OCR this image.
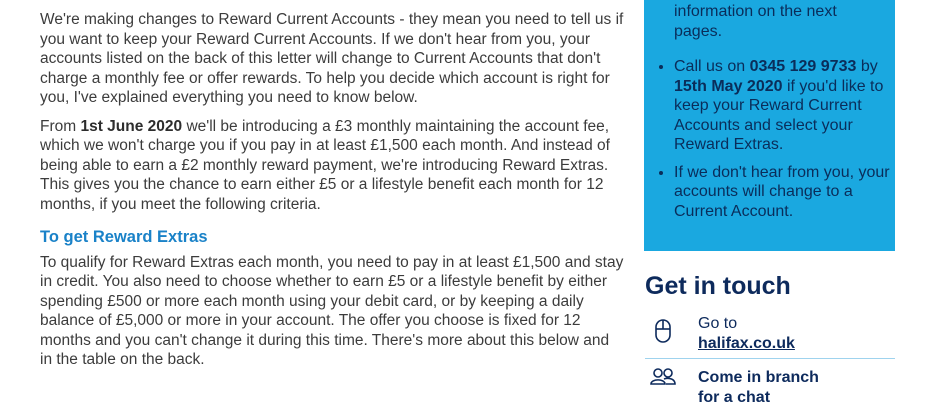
We're making changes to Reward Current Accounts - they mean you need to tell us if you want to keep your Reward Current Accounts. If we don't hear from you, your accounts listed on the back of this letter will change to Current Accounts that don't charge a monthly fee or offer rewards. To help you decide which account is right for you, I've explained everything you need to know below.

From 1st June 2020 we'll be introducing a £3 monthly maintaining the account fee, which we won't charge you if you pay in at least £1,500 each month. And instead of being able to earn a £2 monthly reward payment, we're introducing Reward Extras. This gives you the chance to earn either £5 or a lifestyle benefit each month for 12 months, if you meet the following criteria.

To get Reward Extras

To qualify for Reward Extras each month, you need to pay in at least £1,500 and stay in credit. You also need to choose whether to earn £5 or a lifestyle benefit by either spending £500 or more each month using your debit card, or by keeping a daily balance of £5,000 or more in your account. The offer you choose is fixed for 12 months and you can't change it during this time. There's more about this below and in the table on the back.

information on the next pages.
• Call us on 0345 129 9733 by 15th May 2020 if you'd like to keep your Reward Current Accounts and select your Reward Extras.
• If we don't hear from you, your accounts will change to a Current Account.
Get in touch
Go to
halifax.co.uk
Come in branch for a chat
